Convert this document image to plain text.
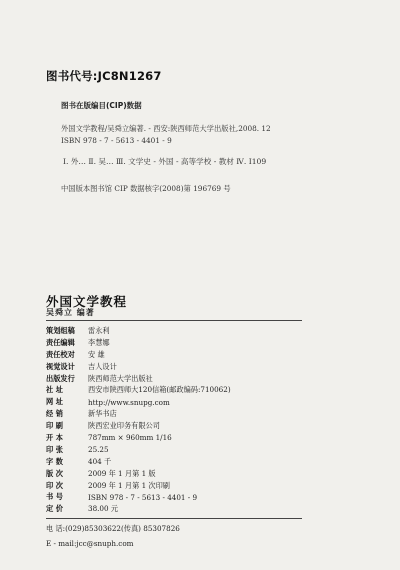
图书代号:JC8N1267
图书在版编目(CIP)数据
外国文学教程/吴舜立编著. - 西安:陕西师范大学出版社,2008. 12
ISBN 978 - 7 - 5613 - 4401 - 9
Ⅰ. 外… Ⅱ. 吴… Ⅲ. 文学史 - 外国 - 高等学校 - 教材 Ⅳ. I109
中国版本图书馆 CIP 数据核字(2008)第 196769 号
外国文学教程
吴舜立 编著
策划组稿	雷永利
责任编辑	李慧娜
责任校对	安 雄
视觉设计	吉人设计
出版发行	陕西师范大学出版社
社 址	西安市陕西师大120信箱(邮政编码:710062)
网 址	http://www.snupg.com
经 销	新华书店
印 刷	陕西宏业印务有限公司
开 本	787mm × 960mm 1/16
印 张	25.25
字 数	404 千
版 次	2009 年 1 月第 1 版
印 次	2009 年 1 月第 1 次印刷
书 号	ISBN 978 - 7 - 5613 - 4401 - 9
定 价	38.00 元
电 话:(029)85303622(传真) 85307826
E - mail:jcc@snuph.com
